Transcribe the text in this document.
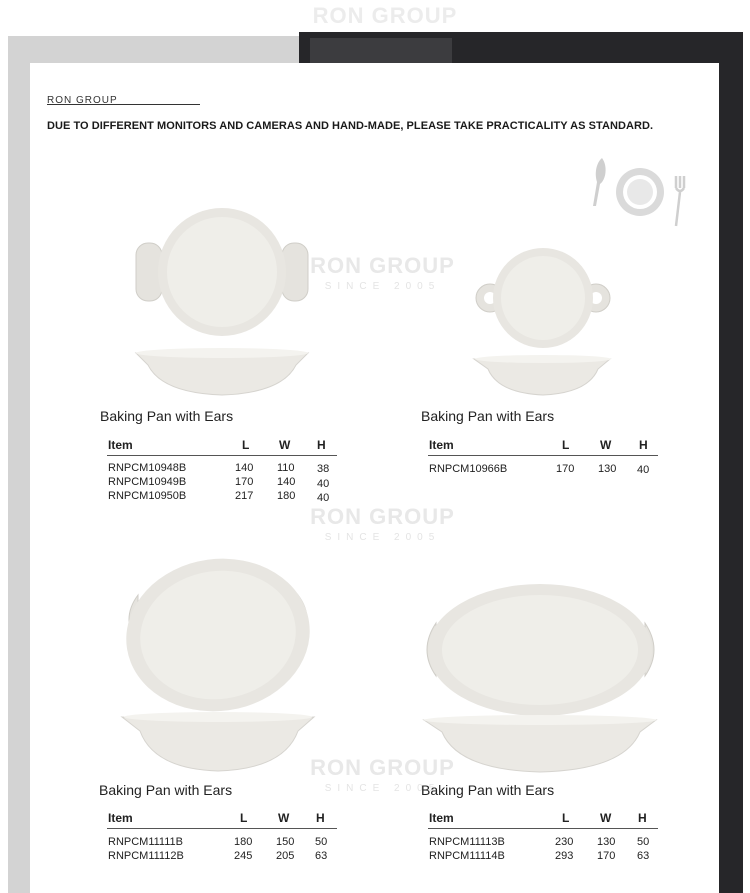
RON GROUP
RON GROUP
SINCE 2005
RON GROUP
SINCE 2005
RON GROUP
SINCE 2005
RON GROUP
DUE TO DIFFERENT MONITORS AND CAMERAS AND HAND-MADE, PLEASE TAKE PRACTICALITY AS STANDARD.
Baking Pan with Ears
Item	L W H
RNPCM10948B	140 110 38
RNPCM10949B	170 140 40
RNPCM10950B	217 180 40
Baking Pan with Ears
Item	L	W H
RNPCM10966B	170 130 40
Baking Pan with Ears
Item	L	W H
RNPCM11111B	180 150 50
RNPCM11112B	245 205 63
Baking Pan with Ears
Item	L	W H
RNPCM11113B	230 130 50
RNPCM11114B	293 170 63
